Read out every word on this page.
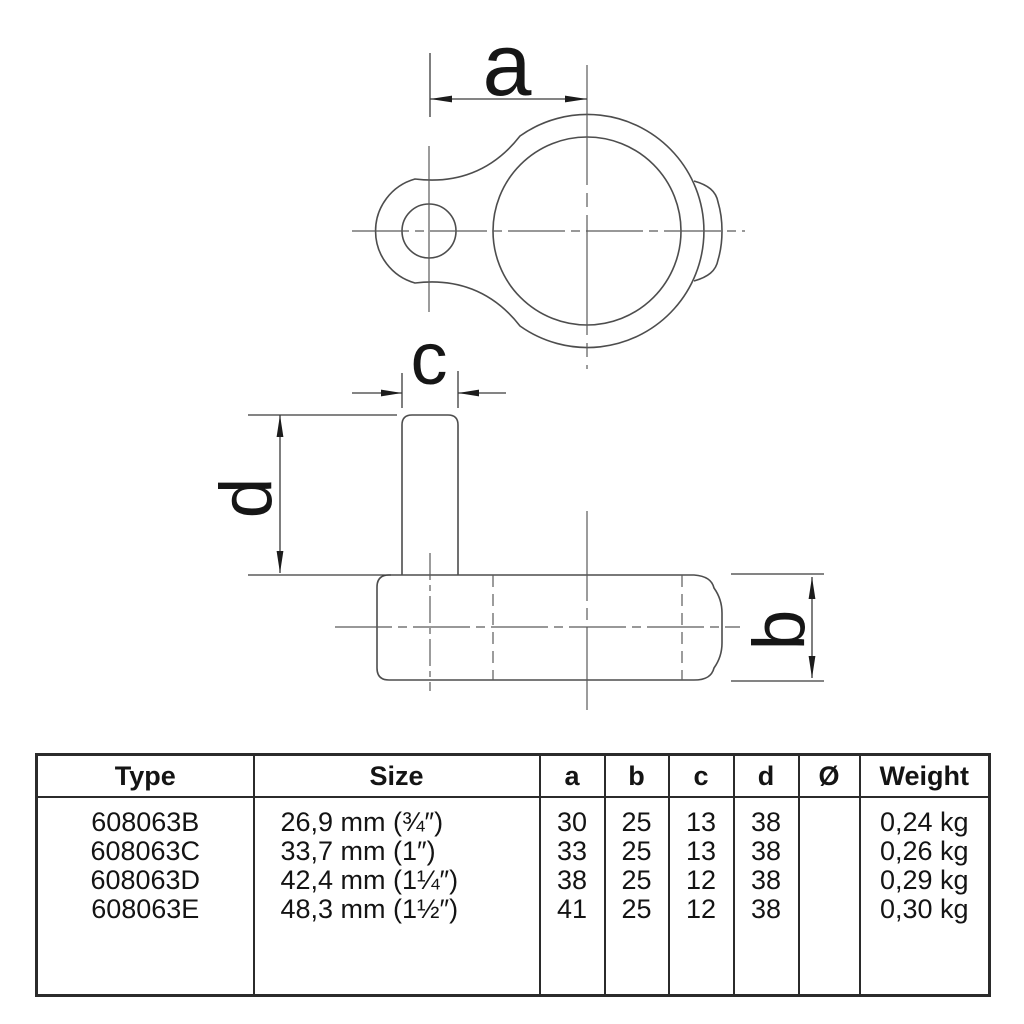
a
c
d
b
Type	Size	a	b	c	d	Ø	Weight
608063B	26,9 mm (¾″)	30	25	13	38		0,24 kg
608063C	33,7 mm (1″)	33	25	13	38		0,26 kg
608063D	42,4 mm (1¼″)	38	25	12	38		0,29 kg
608063E	48,3 mm (1½″)	41	25	12	38		0,30 kg
